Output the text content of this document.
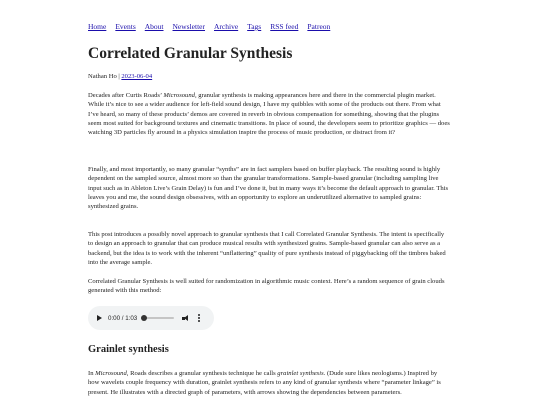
Home Events About Newsletter Archive Tags RSS feed Patreon
Correlated Granular Synthesis
Nathan Ho | 2023-06-04

Decades after Curtis Roads’ Microsound, granular synthesis is making appearances here and there in the commercial plugin market. While it’s nice to see a wider audience for left-field sound design, I have my quibbles with some of the products out there. From what I’ve heard, so many of these products’ demos are covered in reverb in obvious compensation for something, showing that the plugins seem most suited for background textures and cinematic transitions. In place of sound, the developers seem to prioritize graphics — does watching 3D particles fly around in a physics simulation inspire the process of music production, or distract from it?

Finally, and most importantly, so many granular “synths” are in fact samplers based on buffer playback. The resulting sound is highly dependent on the sampled source, almost more so than the granular transformations. Sample-based granular (including sampling live input such as in Ableton Live’s Grain Delay) is fun and I’ve done it, but in many ways it’s become the default approach to granular. This leaves you and me, the sound design obsessives, with an opportunity to explore an underutilized alternative to sampled grains: synthesized grains.

This post introduces a possibly novel approach to granular synthesis that I call Correlated Granular Synthesis. The intent is specifically to design an approach to granular that can produce musical results with synthesized grains. Sample-based granular can also serve as a backend, but the idea is to work with the inherent “unflattering” quality of pure synthesis instead of piggybacking off the timbres baked into the average sample.

Correlated Granular Synthesis is well suited for randomization in algorithmic music context. Here’s a random sequence of grain clouds generated with this method:

0:00 / 1:03
Grainlet synthesis

In Microsound, Roads describes a granular synthesis technique he calls grainlet synthesis. (Dude sure likes neologisms.) Inspired by how wavelets couple frequency with duration, grainlet synthesis refers to any kind of granular synthesis where “parameter linkage” is present. He illustrates with a directed graph of parameters, with arrows showing the dependencies between parameters.
